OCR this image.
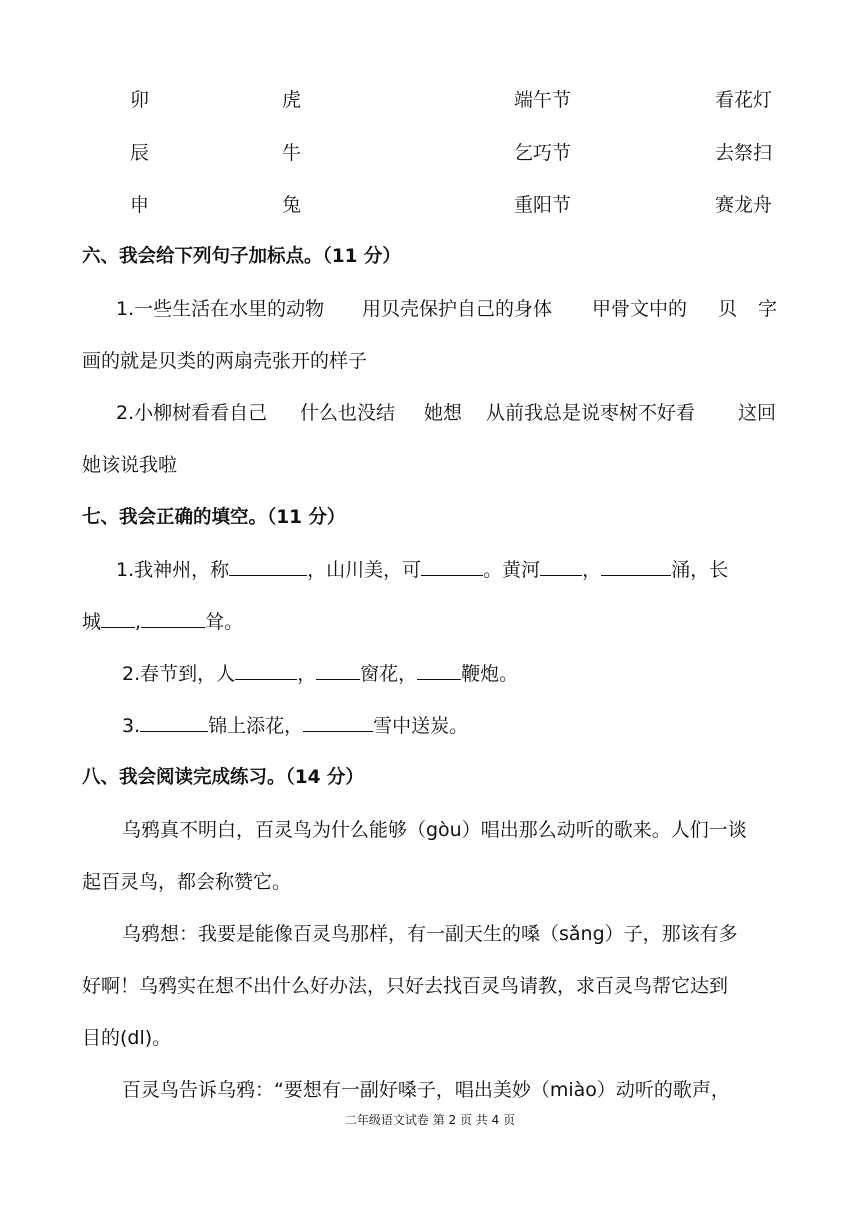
卯	虎	端午节	看花灯
辰	牛	乞巧节	去祭扫
申	兔	重阳节	赛龙舟
六、我会给下列句子加标点。（11 分）
1.一些生活在水里的动物 用贝壳保护自己的身体 甲骨文中的 贝 字
画的就是贝类的两扇壳张开的样子
2.小柳树看看自己 什么也没结 她想 从前我总是说枣树不好看 这回
她该说我啦
七、我会正确的填空。（11 分）
1.我神州，称	，山川美，可	。黄河 ，	涌，长
城 ,	耸。
2.春节到，人	， 窗花， 鞭炮。
3.	锦上添花，	雪中送炭。
八、我会阅读完成练习。（14 分）
乌鸦真不明白，百灵鸟为什么能够（gòu）唱出那么动听的歌来。人们一谈
起百灵鸟，都会称赞它。
乌鸦想：我要是能像百灵鸟那样，有一副天生的嗓（sǎng）子，那该有多
好啊！乌鸦实在想不出什么好办法，只好去找百灵鸟请教，求百灵鸟帮它达到
目的(dl)。
百灵鸟告诉乌鸦：“要想有一副好嗓子，唱出美妙（miào）动听的歌声，
二年级语文试卷 第 2 页 共 4 页
